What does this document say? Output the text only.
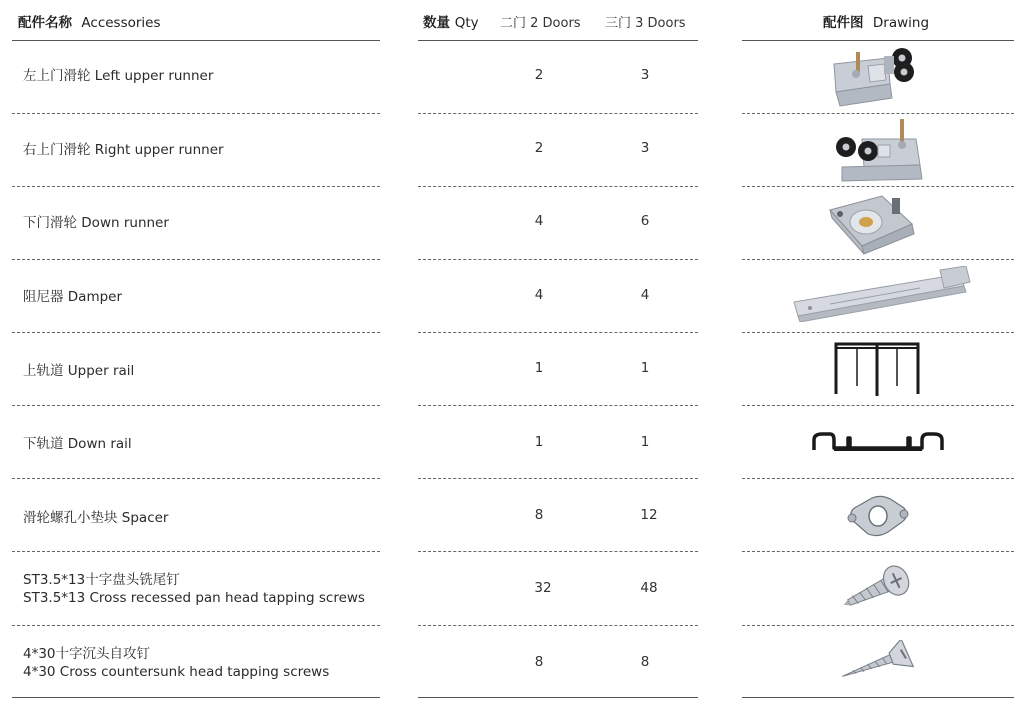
配件名称 Accessories	数量 Qty 二门 2 Doors 三门 3 Doors	配件图 Drawing
左上门滑轮 Left upper runner	2	3
右上门滑轮 Right upper runner	2	3
下门滑轮 Down runner	4	6
阻尼器 Damper	4	4
上轨道 Upper rail	1	1
下轨道 Down rail	1	1
滑轮螺孔小垫块 Spacer	8	12
ST3.5*13十字盘头铣尾钉
ST3.5*13 Cross recessed pan head tapping screws
32	48
4*30十字沉头自攻钉
4*30 Cross countersunk head tapping screws
8	8
